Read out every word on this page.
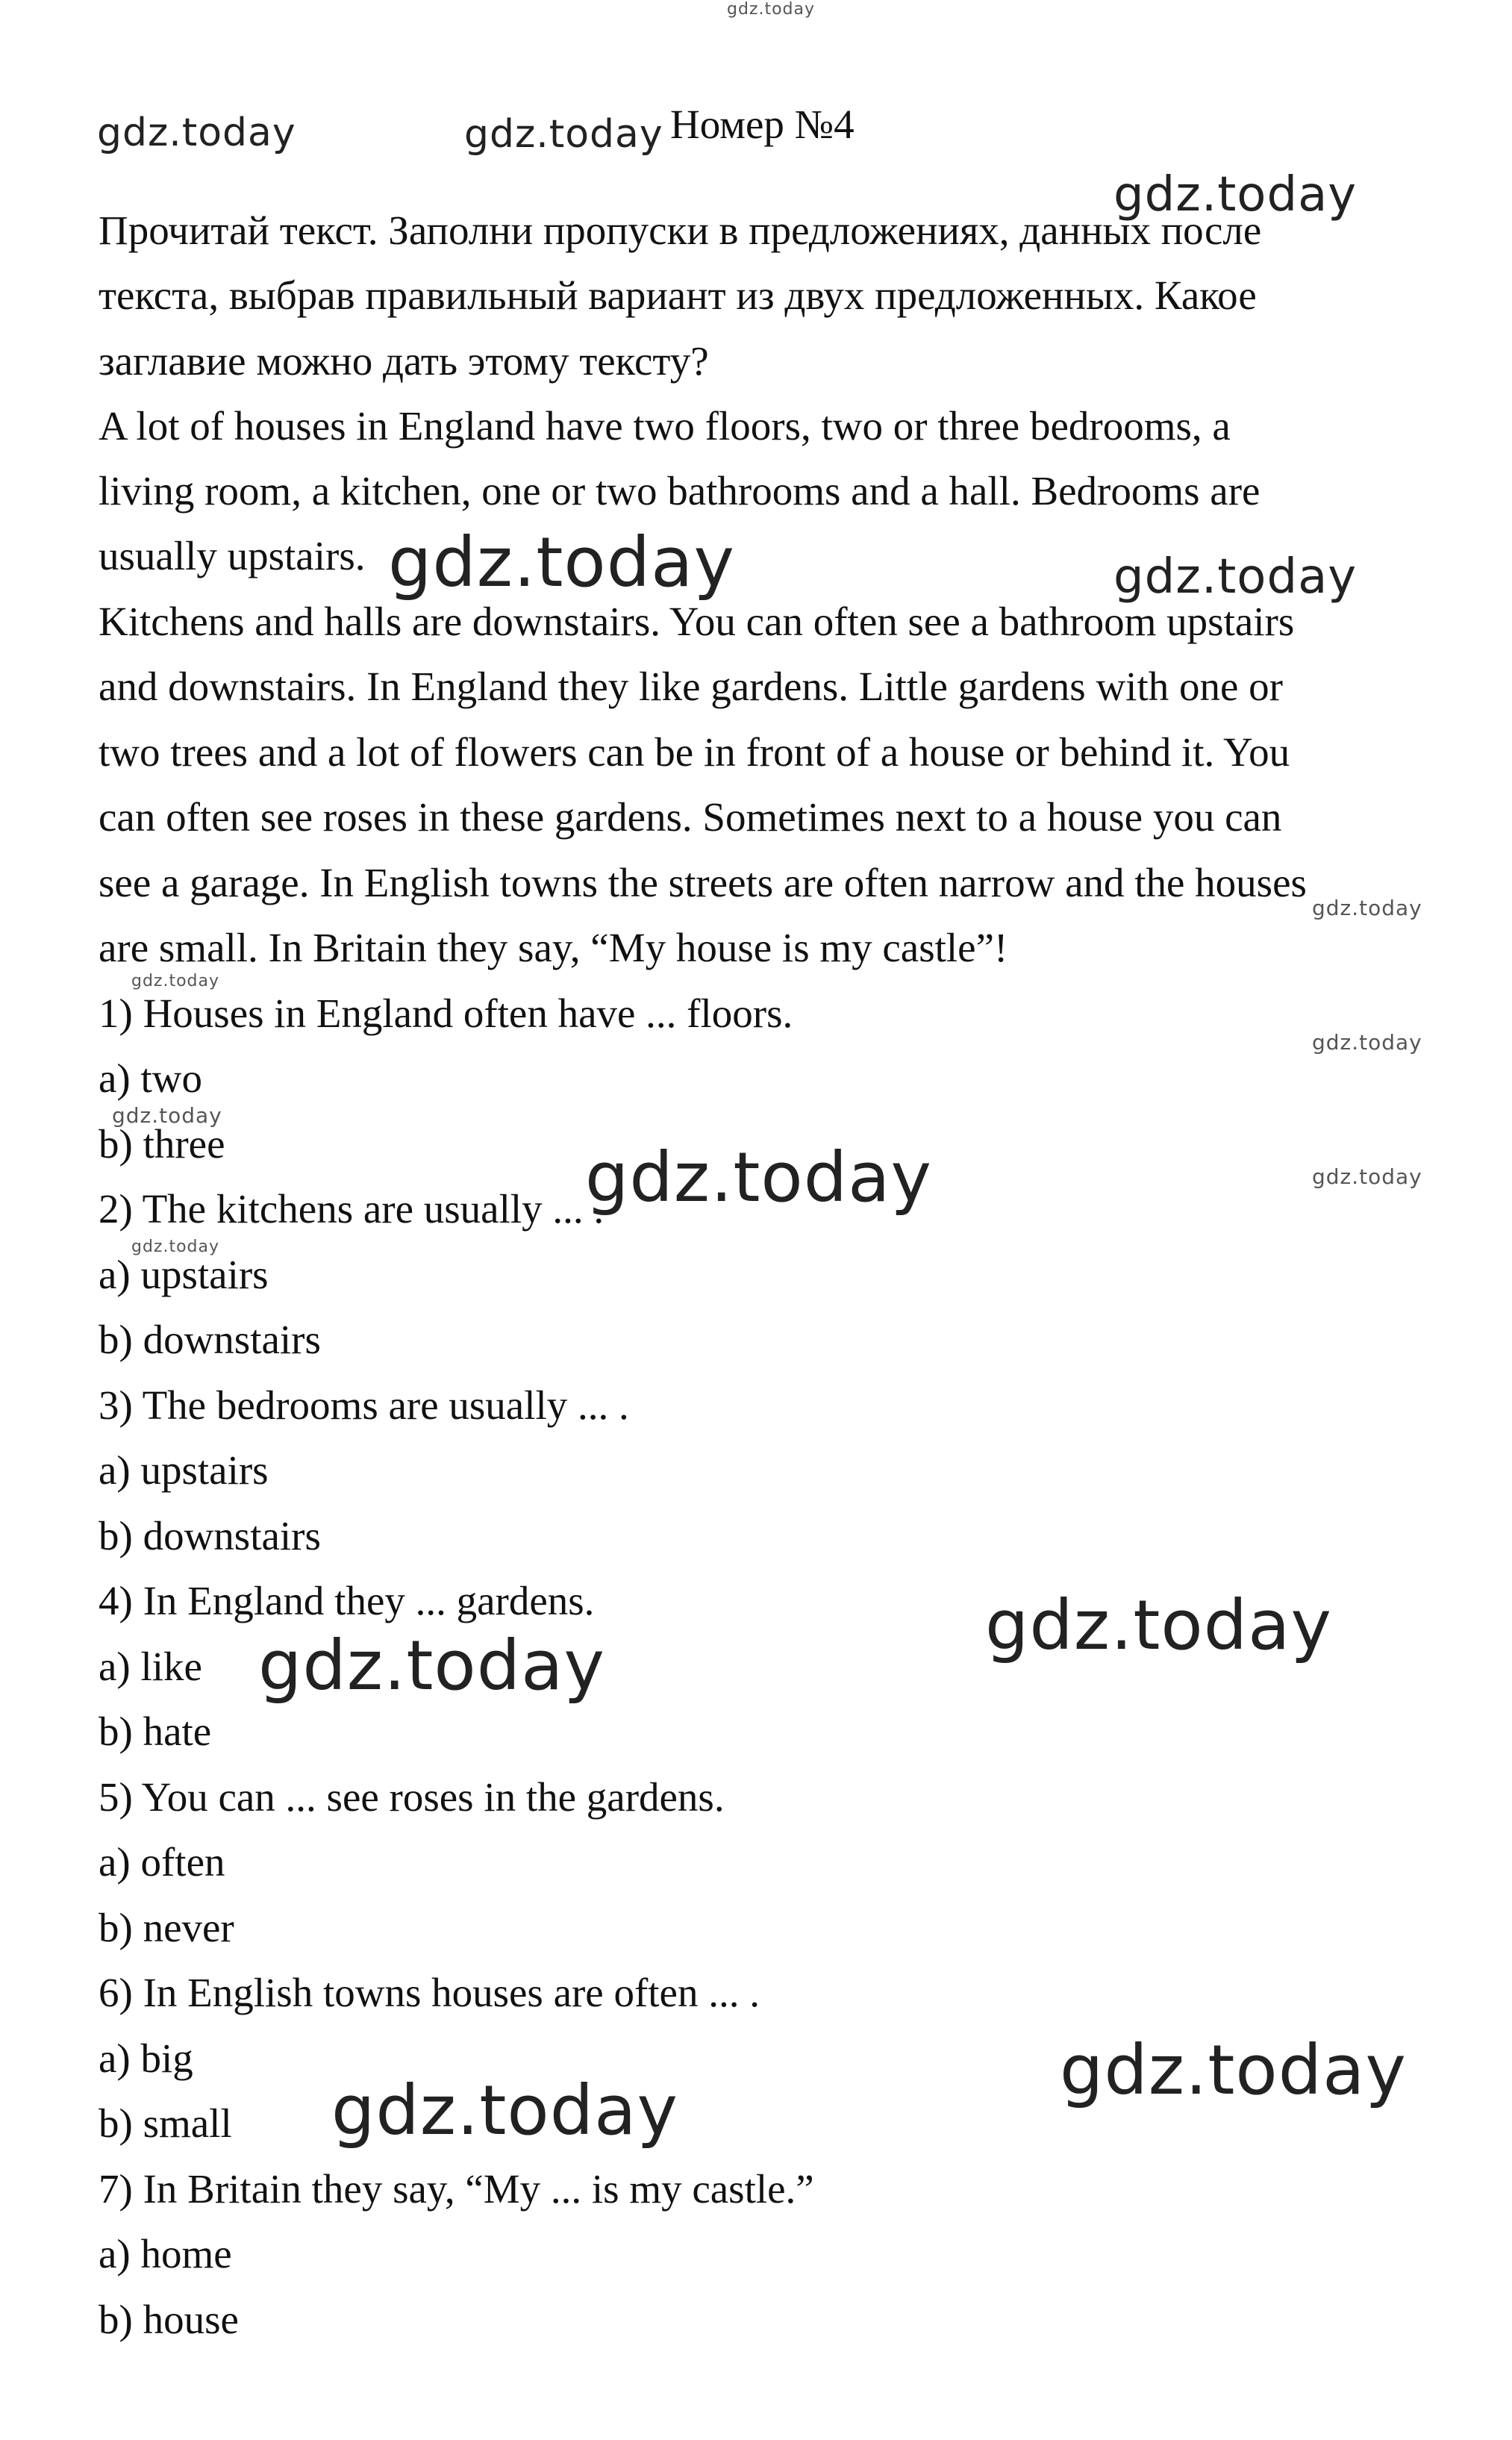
gdz.today
gdz.today	gdz.today
gdz.today
gdz.today	gdz.today
gdz.today
gdz.today
gdz.today
gdz.today
gdz.today	gdz.today
gdz.today
gdz.today
gdz.today
gdz.today
gdz.today
Номер №4
Прочитай текст. Заполни пропуски в предложениях, данных после
текста, выбрав правильный вариант из двух предложенных. Какое
заглавие можно дать этому тексту?
A lot of houses in England have two floors, two or three bedrooms, a
living room, a kitchen, one or two bathrooms and a hall. Bedrooms are
usually upstairs.
Kitchens and halls are downstairs. You can often see a bathroom upstairs
and downstairs. In England they like gardens. Little gardens with one or
two trees and a lot of flowers can be in front of a house or behind it. You
can often see roses in these gardens. Sometimes next to a house you can
see a garage. In English towns the streets are often narrow and the houses
are small. In Britain they say, “My house is my castle”!
1) Houses in England often have ... floors.
a) two
b) three
2) The kitchens are usually ... .
a) upstairs
b) downstairs
3) The bedrooms are usually ... .
a) upstairs
b) downstairs
4) In England they ... gardens.
a) like
b) hate
5) You can ... see roses in the gardens.
a) often
b) never
6) In English towns houses are often ... .
a) big
b) small
7) In Britain they say, “My ... is my castle.”
a) home
b) house
